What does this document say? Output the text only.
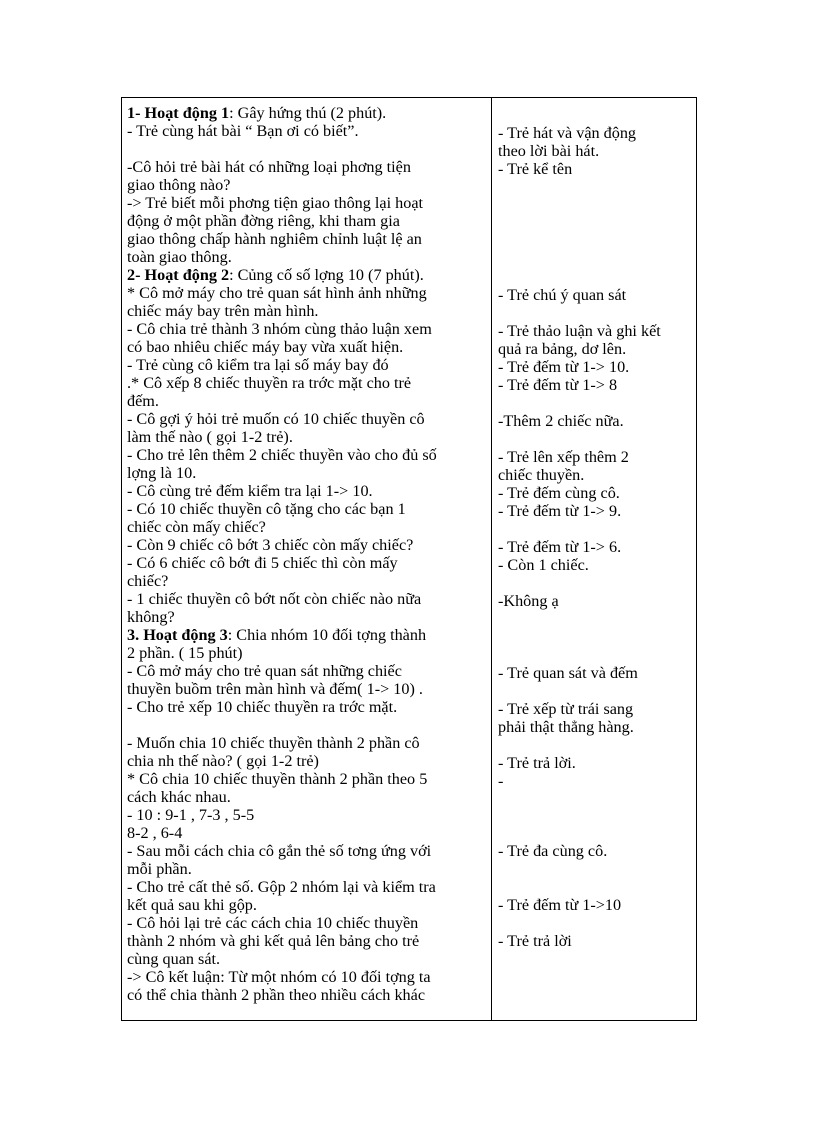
1- Hoạt động 1: Gây hứng thú (2 phút).
- Trẻ cùng hát bài “ Bạn ơi có biết”.
-Cô hỏi trẻ bài hát có những loại phơng tiện
giao thông nào?
-> Trẻ biết mỗi phơng tiện giao thông lại hoạt
động ở một phần đờng riêng, khi tham gia
giao thông chấp hành nghiêm chỉnh luật lệ an
toàn giao thông.
2- Hoạt động 2: Củng cố số lợng 10 (7 phút).
* Cô mở máy cho trẻ quan sát hình ảnh những
chiếc máy bay trên màn hình.
- Cô chia trẻ thành 3 nhóm cùng thảo luận xem
có bao nhiêu chiếc máy bay vừa xuất hiện.
- Trẻ cùng cô kiểm tra lại số máy bay đó
.* Cô xếp 8 chiếc thuyền ra trớc mặt cho trẻ
đếm.
- Cô gợi ý hỏi trẻ muốn có 10 chiếc thuyền cô
làm thế nào ( gọi 1-2 trẻ).
- Cho trẻ lên thêm 2 chiếc thuyền vào cho đủ số
lợng là 10.
- Cô cùng trẻ đếm kiểm tra lại 1-> 10.
- Có 10 chiếc thuyền cô tặng cho các bạn 1
chiếc còn mấy chiếc?
- Còn 9 chiếc cô bớt 3 chiếc còn mấy chiếc?
- Có 6 chiếc cô bớt đi 5 chiếc thì còn mấy
chiếc?
- 1 chiếc thuyền cô bớt nốt còn chiếc nào nữa
không?
3. Hoạt động 3: Chia nhóm 10 đối tợng thành
2 phần. ( 15 phút)
- Cô mở máy cho trẻ quan sát những chiếc
thuyền buồm trên màn hình và đếm( 1-> 10) .
- Cho trẻ xếp 10 chiếc thuyền ra trớc mặt.
- Muốn chia 10 chiếc thuyền thành 2 phần cô
chia nh thế nào? ( gọi 1-2 trẻ)
* Cô chia 10 chiếc thuyền thành 2 phần theo 5
cách khác nhau.
- 10 : 9-1 , 7-3 , 5-5
8-2 , 6-4
- Sau mỗi cách chia cô gắn thẻ số tơng ứng với
mỗi phần.
- Cho trẻ cất thẻ số. Gộp 2 nhóm lại và kiểm tra
kết quả sau khi gộp.
- Cô hỏi lại trẻ các cách chia 10 chiếc thuyền
thành 2 nhóm và ghi kết quả lên bảng cho trẻ
cùng quan sát.
-> Cô kết luận: Từ một nhóm có 10 đối tợng ta
có thể chia thành 2 phần theo nhiều cách khác
- Trẻ hát và vận động
theo lời bài hát.
- Trẻ kể tên
- Trẻ chú ý quan sát
- Trẻ thảo luận và ghi kết
quả ra bảng, dơ lên.
- Trẻ đếm từ 1-> 10.
- Trẻ đếm từ 1-> 8
-Thêm 2 chiếc nữa.
- Trẻ lên xếp thêm 2
chiếc thuyền.
- Trẻ đếm cùng cô.
- Trẻ đếm từ 1-> 9.
- Trẻ đếm từ 1-> 6.
- Còn 1 chiếc.
-Không ạ
- Trẻ quan sát và đếm
- Trẻ xếp từ trái sang
phải thật thẳng hàng.
- Trẻ trả lời.
-
- Trẻ đa cùng cô.
- Trẻ đếm từ 1->10
- Trẻ trả lời
